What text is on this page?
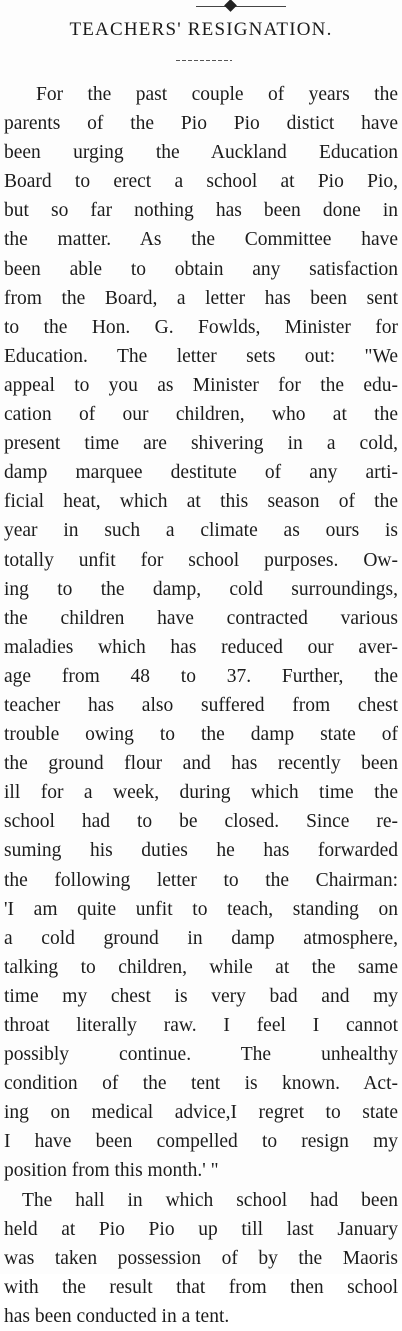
TEACHERS' RESIGNATION.
For the past couple of years the
parents of the Pio Pio distict have
been urging the Auckland Education
Board to erect a school at Pio Pio,
but so far nothing has been done in
the matter. As the Committee have
been able to obtain any satisfaction
from the Board, a letter has been sent
to the Hon. G. Fowlds, Minister for
Education. The letter sets out: "We
appeal to you as Minister for the edu-
cation of our children, who at the
present time are shivering in a cold,
damp marquee destitute of any arti-
ficial heat, which at this season of the
year in such a climate as ours is
totally unfit for school purposes. Ow-
ing to the damp, cold surroundings,
the children have contracted various
maladies which has reduced our aver-
age from 48 to 37. Further, the
teacher has also suffered from chest
trouble owing to the damp state of
the ground flour and has recently been
ill for a week, during which time the
school had to be closed. Since re-
suming his duties he has forwarded
the following letter to the Chairman:
'I am quite unfit to teach, standing on
a cold ground in damp atmosphere,
talking to children, while at the same
time my chest is very bad and my
throat literally raw. I feel I cannot
possibly continue. The unhealthy
condition of the tent is known. Act-
ing on medical advice,I regret to state
I have been compelled to resign my
position from this month.' "
The hall in which school had been
held at Pio Pio up till last January
was taken possession of by the Maoris
with the result that from then school
has been conducted in a tent.
